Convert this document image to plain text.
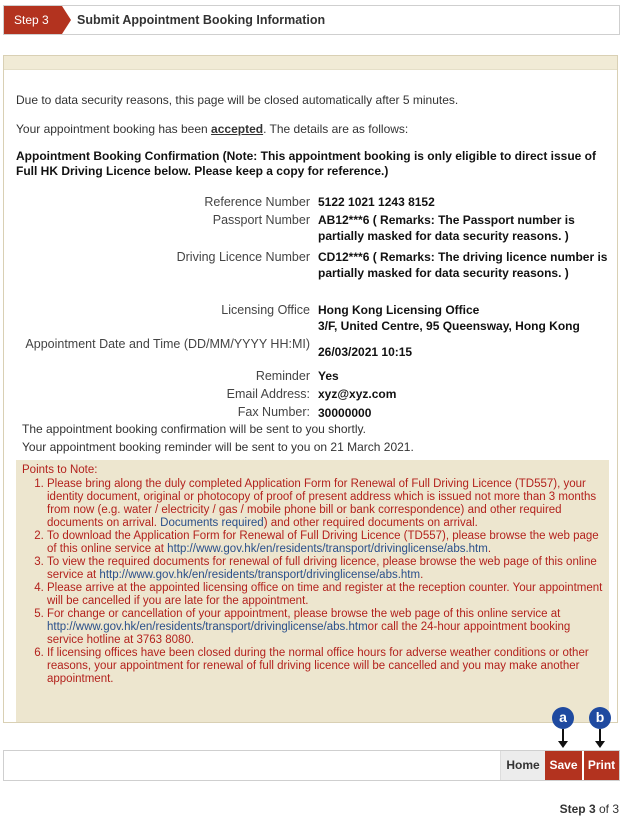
Step 3	Submit Appointment Booking Information
Due to data security reasons, this page will be closed automatically after 5 minutes.
Your appointment booking has been accepted. The details are as follows:
Appointment Booking Confirmation (Note: This appointment booking is only eligible to direct issue of Full HK Driving Licence below. Please keep a copy for reference.)
Reference Number 5122 1021 1243 8152
Passport Number AB12***6 ( Remarks: The Passport number is partially masked for data security reasons. )
Driving Licence Number CD12***6 ( Remarks: The driving licence number is partially masked for data security reasons. )
Licensing Office Hong Kong Licensing Office
3/F, United Centre, 95 Queensway, Hong Kong
Appointment Date and Time (DD/MM/YYYY HH:MI)
26/03/2021 10:15
Reminder Yes
Email Address: xyz@xyz.com
Fax Number: 30000000
The appointment booking confirmation will be sent to you shortly.
Your appointment booking reminder will be sent to you on 21 March 2021.
Points to Note:
1. Please bring along the duly completed Application Form for Renewal of Full Driving Licence (TD557), your identity document, original or photocopy of proof of present address which is issued not more than 3 months from now (e.g. water / electricity / gas / mobile phone bill or bank correspondence) and other required documents on arrival. Documents required) and other required documents on arrival.
2. To download the Application Form for Renewal of Full Driving Licence (TD557), please browse the web page of this online service at http://www.gov.hk/en/residents/transport/drivinglicense/abs.htm.
3. To view the required documents for renewal of full driving licence, please browse the web page of this online service at http://www.gov.hk/en/residents/transport/drivinglicense/abs.htm.
4. Please arrive at the appointed licensing office on time and register at the reception counter. Your appointment will be cancelled if you are late for the appointment.
5. For change or cancellation of your appointment, please browse the web page of this online service at http://www.gov.hk/en/residents/transport/drivinglicense/abs.htmor call the 24-hour appointment booking service hotline at 3763 8080.
6. If licensing offices have been closed during the normal office hours for adverse weather conditions or other reasons, your appointment for renewal of full driving licence will be cancelled and you may make another appointment.
a	b
Home Save Print
Step 3 of 3
